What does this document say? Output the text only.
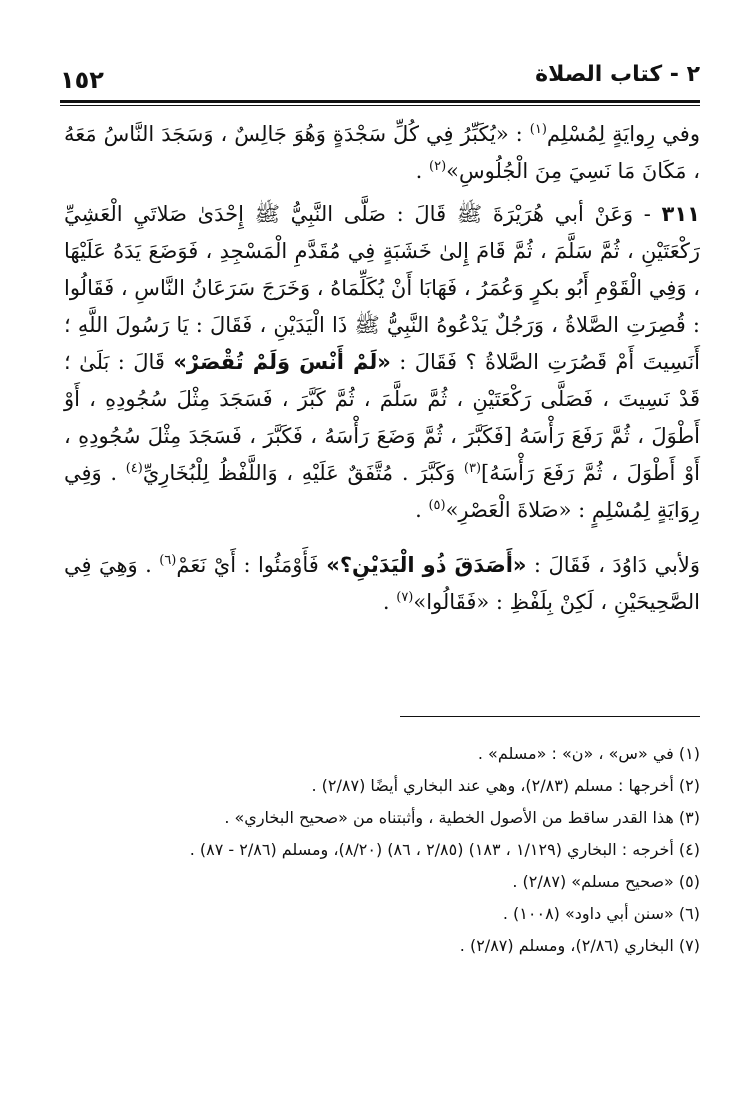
١٥٢	٢ - كتاب الصلاة

وفي رِوايَةٍ لِمُسْلِم$^{(١)}$ : «يُكَبِّرُ فِي كُلِّ سَجْدَةٍ وَهُوَ جَالِسٌ ، وَسَجَدَ النَّاسُ مَعَهُ ، مَكَانَ مَا نَسِيَ مِنَ الْجُلُوسِ»$^{(٢)}$ .

٣١١ - وَعَنْ أبي هُرَيْرَةَ ﷺ قَالَ : صَلَّى النَّبِيُّ ﷺ إِحْدَىٰ صَلاتَيِ الْعَشِيِّ رَكْعَتَيْنِ ، ثُمَّ سَلَّمَ ، ثُمَّ قَامَ إِلىٰ خَشَبَةٍ فِي مُقَدَّمِ الْمَسْجِدِ ، فَوَضَعَ يَدَهُ عَلَيْهَا ، وَفِي الْقَوْمِ أَبُو بكرٍ وَعُمَرُ ، فَهَابَا أَنْ يُكَلِّمَاهُ ، وَخَرَجَ سَرَعَانُ النَّاسِ ، فَقَالُوا : قُصِرَتِ الصَّلاةُ ، وَرَجُلٌ يَدْعُوهُ النَّبِيُّ ﷺ ذَا الْيَدَيْنِ ، فَقَالَ : يَا رَسُولَ اللَّهِ ؛ أَنَسِيتَ أَمْ قَصُرَتِ الصَّلاةُ ؟ فَقَالَ : «لَمْ أَنْسَ وَلَمْ تُقْصَرْ» قَالَ : بَلَىٰ ؛ قَدْ نَسِيتَ ، فَصَلَّى رَكْعَتَيْنِ ، ثُمَّ سَلَّمَ ، ثُمَّ كَبَّرَ ، فَسَجَدَ مِثْلَ سُجُودِهِ ، أَوْ أَطْوَلَ ، ثُمَّ رَفَعَ رَأْسَهُ [فَكَبَّرَ ، ثُمَّ وَضَعَ رَأْسَهُ ، فَكَبَّرَ ، فَسَجَدَ مِثْلَ سُجُودِهِ ، أَوْ أَطْوَلَ ، ثُمَّ رَفَعَ رَأْسَهُ]$^{(٣)}$ وَكَبَّرَ . مُتَّفَقٌ عَلَيْهِ ، وَاللَّفْظُ لِلْبُخَارِيِّ$^{(٤)}$ . وَفِي رِوَايَةٍ لِمُسْلِمٍ : «صَلاةَ الْعَصْرِ»$^{(٥)}$ .

وَلأبي دَاوُدَ ، فَقَالَ : «أَصَدَقَ ذُو الْيَدَيْنِ؟» فَأَوْمَئُوا : أَيْ نَعَمْ$^{(٦)}$ . وَهِيَ فِي الصَّحِيحَيْنِ ، لَكِنْ بِلَفْظِ : «فَقَالُوا»$^{(٧)}$ .

(١) في «س» ، «ن» : «مسلم» .

(٢) أخرجها : مسلم (٢/٨٣)، وهي عند البخاري أيضًا (٢/٨٧) .

(٣) هذا القدر ساقط من الأصول الخطية ، وأثبتناه من «صحيح البخاري» .

(٤) أخرجه : البخاري (١/١٢٩ ، ١٨٣) (٢/٨٥ ، ٨٦) (٨/٢٠)، ومسلم (٢/٨٦ - ٨٧) .

(٥) «صحيح مسلم» (٢/٨٧) .

(٦) «سنن أبي داود» (١٠٠٨) .

(٧) البخاري (٢/٨٦)، ومسلم (٢/٨٧) .
